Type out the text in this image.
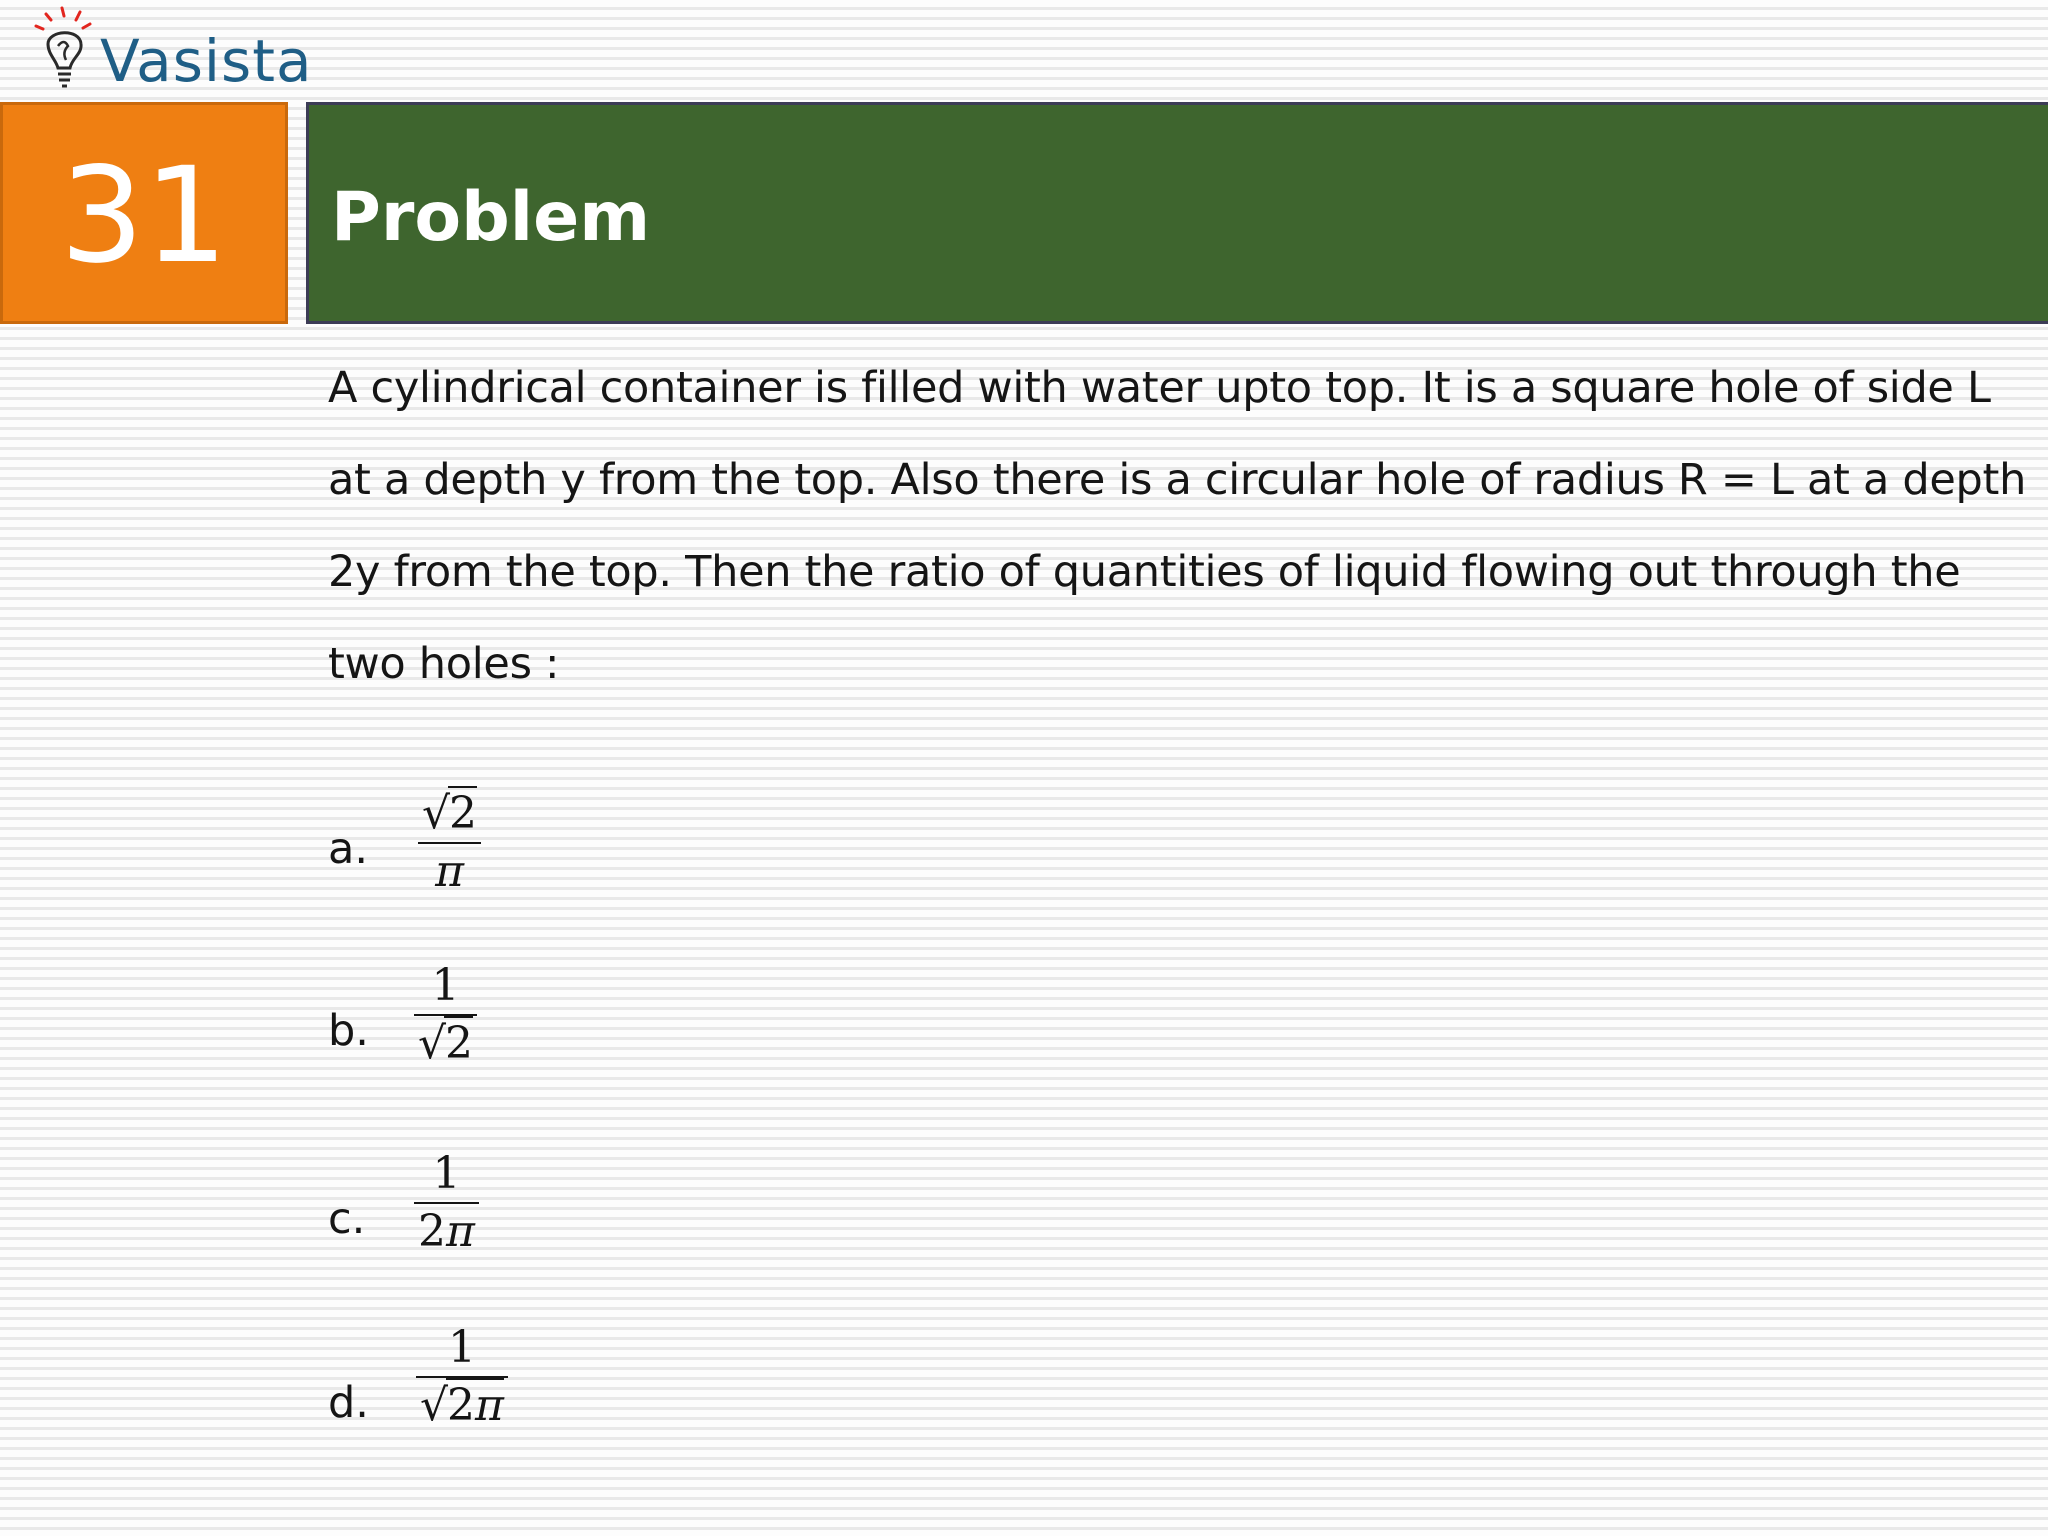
Vasista
31 Problem
A cylindrical container is filled with water upto top. It is a square hole of side L at a depth y from the top. Also there is a circular hole of radius R = L at a depth 2y from the top. Then the ratio of quantities of liquid flowing out through the two holes :
a.
√2
π
b.
1
√2
c.
1
2π
d.
1
√2π
